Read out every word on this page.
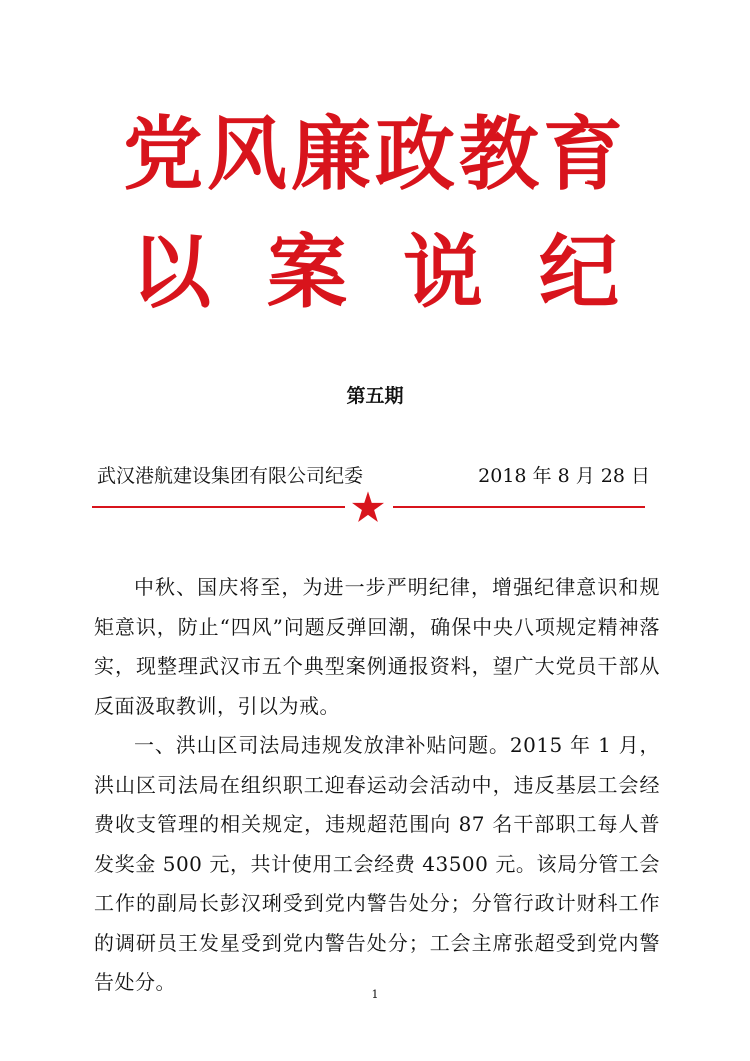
党风廉政教育
以案说纪
第五期
武汉港航建设集团有限公司纪委	2018 年 8 月 28 日

中秋、国庆将至，为进一步严明纪律，增强纪律意识和规矩意识，防止“四风”问题反弹回潮，确保中央八项规定精神落实，现整理武汉市五个典型案例通报资料，望广大党员干部从反面汲取教训，引以为戒。

一、洪山区司法局违规发放津补贴问题。2015 年 1 月，洪山区司法局在组织职工迎春运动会活动中，违反基层工会经费收支管理的相关规定，违规超范围向 87 名干部职工每人普发奖金 500 元，共计使用工会经费 43500 元。该局分管工会工作的副局长彭汉琍受到党内警告处分；分管行政计财科工作的调研员王发星受到党内警告处分；工会主席张超受到党内警告处分。

1
